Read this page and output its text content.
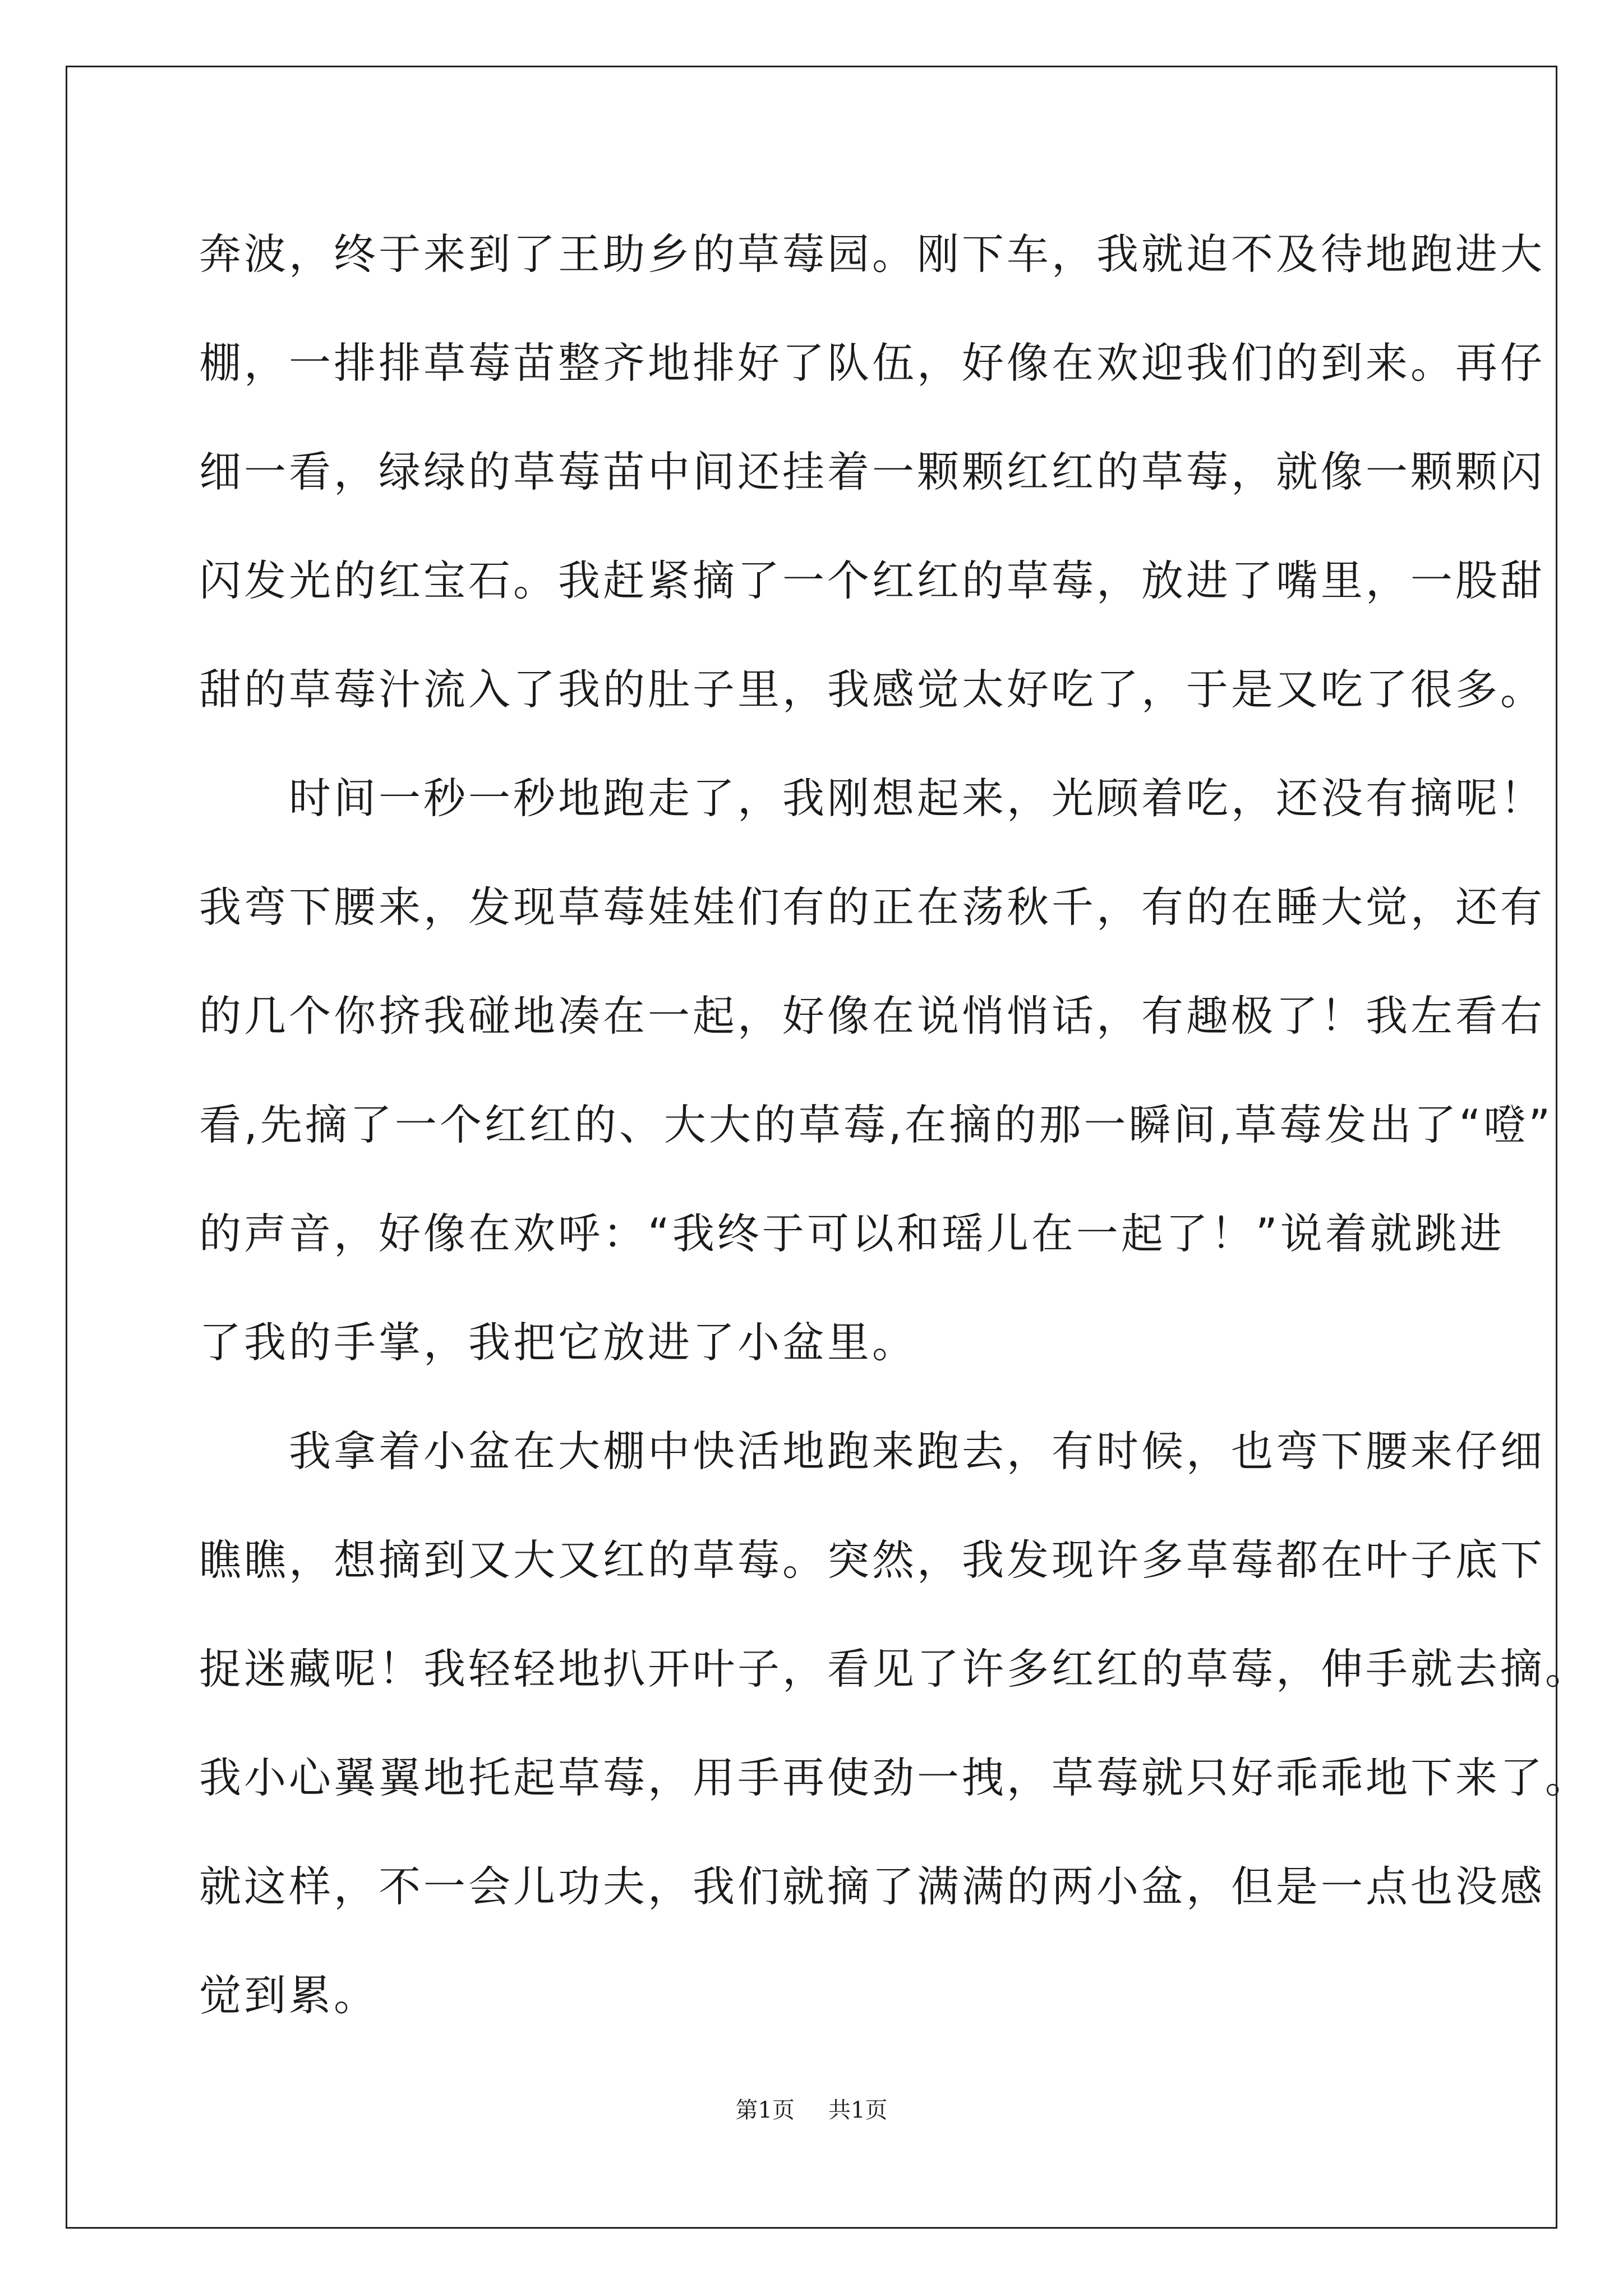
奔波，终于来到了王助乡的草莓园。刚下车，我就迫不及待地跑进大
棚，一排排草莓苗整齐地排好了队伍，好像在欢迎我们的到来。再仔
细一看，绿绿的草莓苗中间还挂着一颗颗红红的草莓，就像一颗颗闪
闪发光的红宝石。我赶紧摘了一个红红的草莓，放进了嘴里，一股甜
甜的草莓汁流入了我的肚子里，我感觉太好吃了，于是又吃了很多。
　　时间一秒一秒地跑走了，我刚想起来，光顾着吃，还没有摘呢！
我弯下腰来，发现草莓娃娃们有的正在荡秋千，有的在睡大觉，还有
的几个你挤我碰地凑在一起，好像在说悄悄话，有趣极了！我左看右
看,先摘了一个红红的、大大的草莓,在摘的那一瞬间,草莓发出了“噔”
的声音，好像在欢呼：“我终于可以和瑶儿在一起了！”说着就跳进
了我的手掌，我把它放进了小盆里。
　　我拿着小盆在大棚中快活地跑来跑去，有时候，也弯下腰来仔细
瞧瞧，想摘到又大又红的草莓。突然，我发现许多草莓都在叶子底下
捉迷藏呢！我轻轻地扒开叶子，看见了许多红红的草莓，伸手就去摘。
我小心翼翼地托起草莓，用手再使劲一拽，草莓就只好乖乖地下来了。
就这样，不一会儿功夫，我们就摘了满满的两小盆，但是一点也没感
觉到累。
第1页 共1页
